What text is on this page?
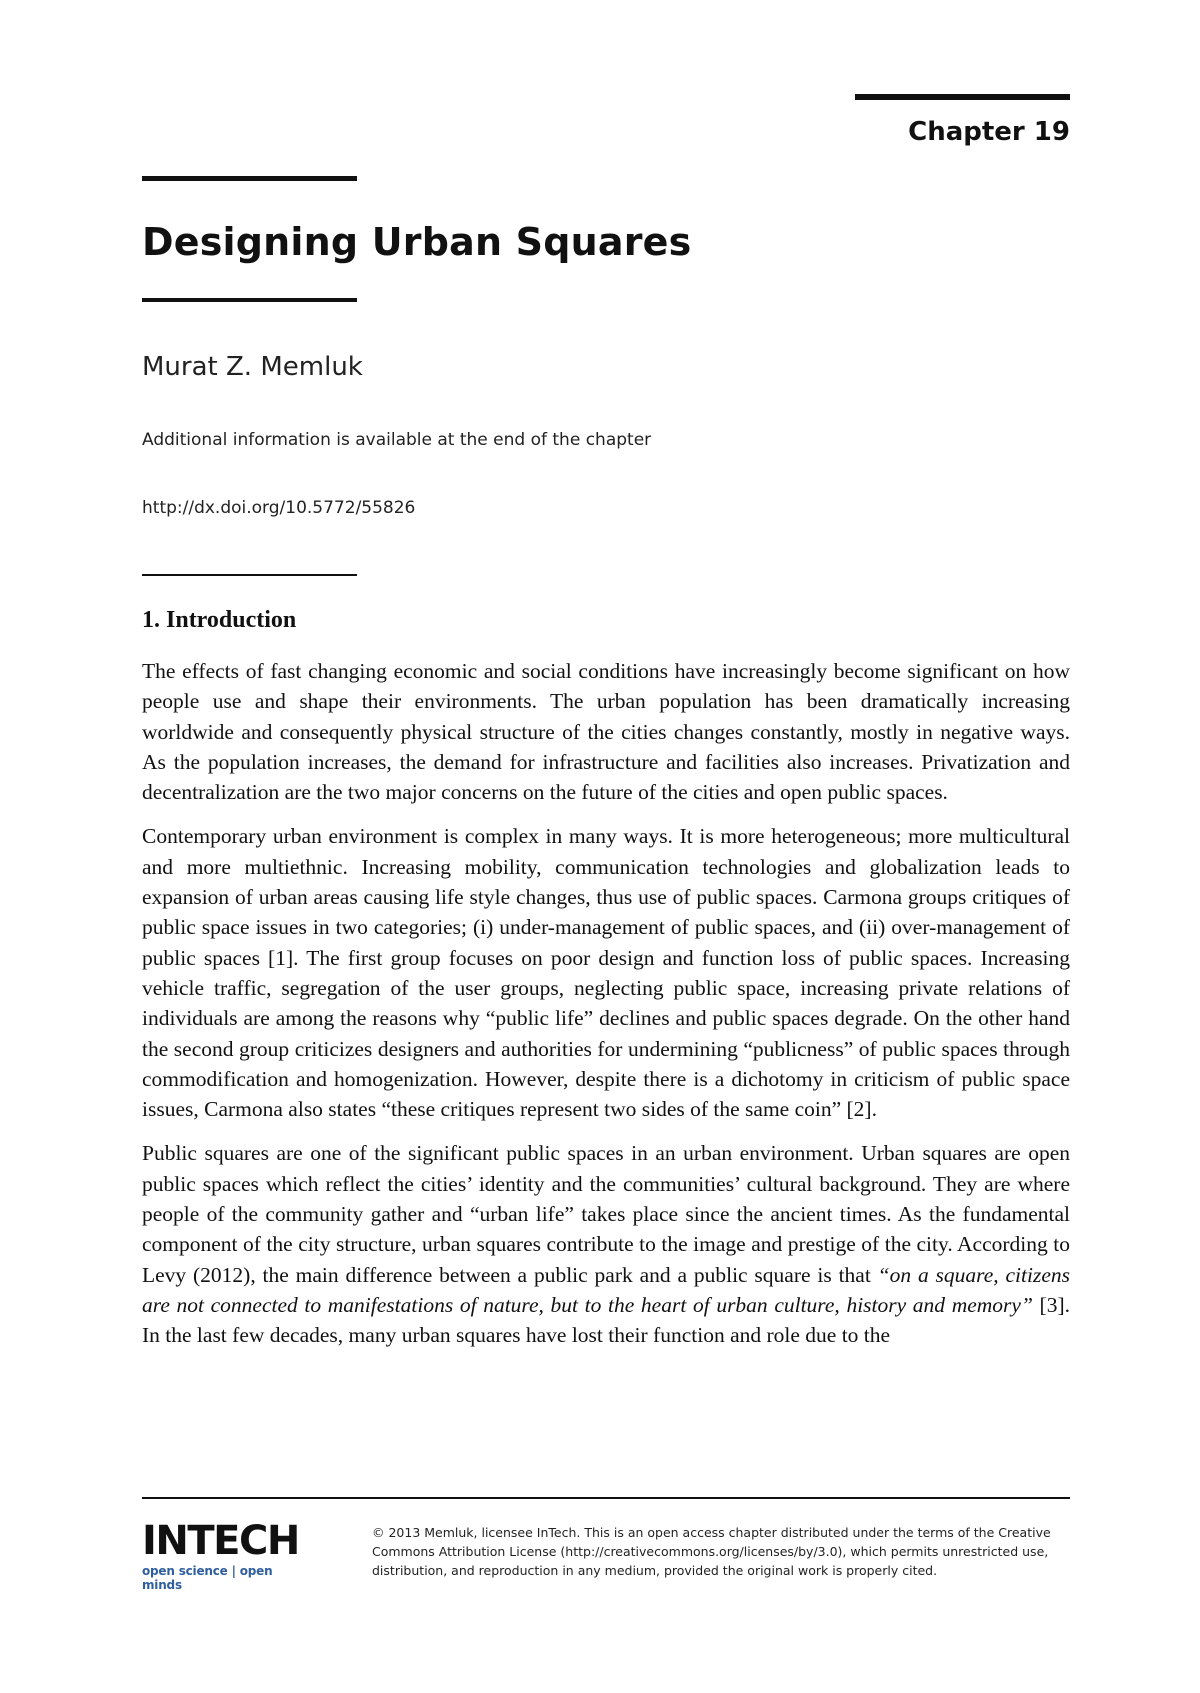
Chapter 19
Designing Urban Squares
Murat Z. Memluk
Additional information is available at the end of the chapter
http://dx.doi.org/10.5772/55826
1. Introduction

The effects of fast changing economic and social conditions have increasingly become significant on how people use and shape their environments. The urban population has been dramatically increasing worldwide and consequently physical structure of the cities changes constantly, mostly in negative ways. As the population increases, the demand for infrastructure and facilities also increases. Privatization and decentralization are the two major concerns on the future of the cities and open public spaces.

Contemporary urban environment is complex in many ways. It is more heterogeneous; more multicultural and more multiethnic. Increasing mobility, communication technologies and globalization leads to expansion of urban areas causing life style changes, thus use of public spaces. Carmona groups critiques of public space issues in two categories; (i) under-management of public spaces, and (ii) over-management of public spaces [1]. The first group focuses on poor design and function loss of public spaces. Increasing vehicle traffic, segregation of the user groups, neglecting public space, increasing private relations of individuals are among the reasons why “public life” declines and public spaces degrade. On the other hand the second group criticizes designers and authorities for undermining “publicness” of public spaces through commodification and homogenization. However, despite there is a dichotomy in criticism of public space issues, Carmona also states “these critiques represent two sides of the same coin” [2].

Public squares are one of the significant public spaces in an urban environment. Urban squares are open public spaces which reflect the cities’ identity and the communities’ cultural background. They are where people of the community gather and “urban life” takes place since the ancient times. As the fundamental component of the city structure, urban squares contribute to the image and prestige of the city. According to Levy (2012), the main difference between a public park and a public square is that “on a square, citizens are not connected to manifestations of nature, but to the heart of urban culture, history and memory” [3]. In the last few decades, many urban squares have lost their function and role due to the

INTECH
open science | open minds
© 2013 Memluk, licensee InTech. This is an open access chapter distributed under the terms of the Creative Commons Attribution License (http://creativecommons.org/licenses/by/3.0), which permits unrestricted use, distribution, and reproduction in any medium, provided the original work is properly cited.
